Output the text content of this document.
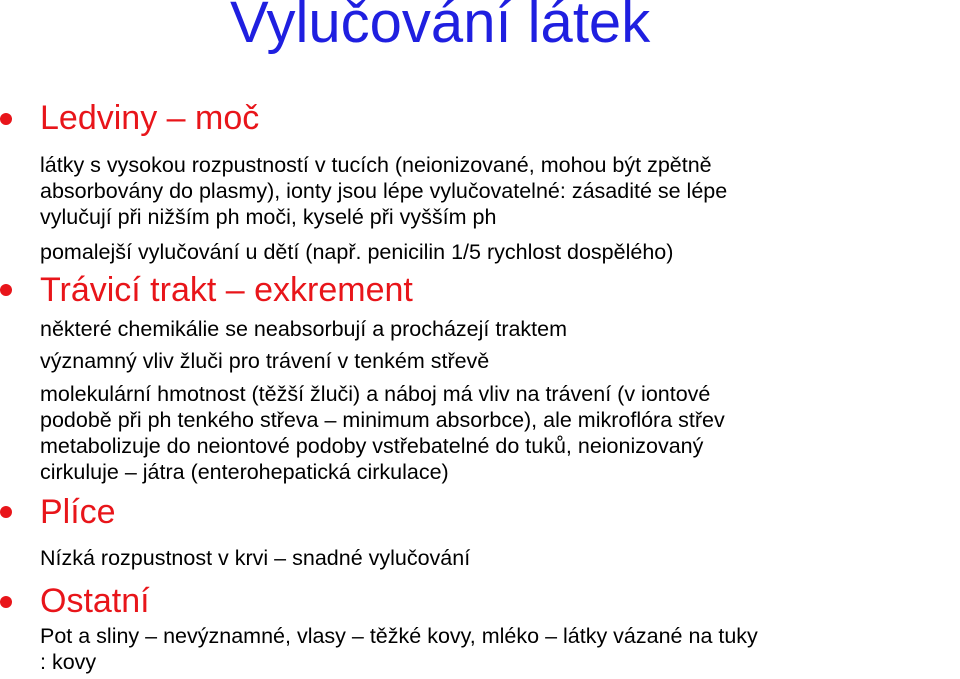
Vylučování látek
Ledviny – moč
látky s vysokou rozpustností v tucích (neionizované, mohou být zpětně
absorbovány do plasmy), ionty jsou lépe vylučovatelné: zásadité se lépe
vylučují při nižším ph moči, kyselé při vyšším ph
pomalejší vylučování u dětí (např. penicilin 1/5 rychlost dospělého)
Trávicí trakt – exkrement
některé chemikálie se neabsorbují a procházejí traktem
významný vliv žluči pro trávení v tenkém střevě
molekulární hmotnost (těžší žluči) a náboj má vliv na trávení (v iontové
podobě při ph tenkého střeva – minimum absorbce), ale mikroflóra střev
metabolizuje do neiontové podoby vstřebatelné do tuků, neionizovaný
cirkuluje – játra (enterohepatická cirkulace)
Plíce
Nízká rozpustnost v krvi – snadné vylučování
Ostatní
Pot a sliny – nevýznamné, vlasy – těžké kovy, mléko – látky vázané na tuky
: kovy
